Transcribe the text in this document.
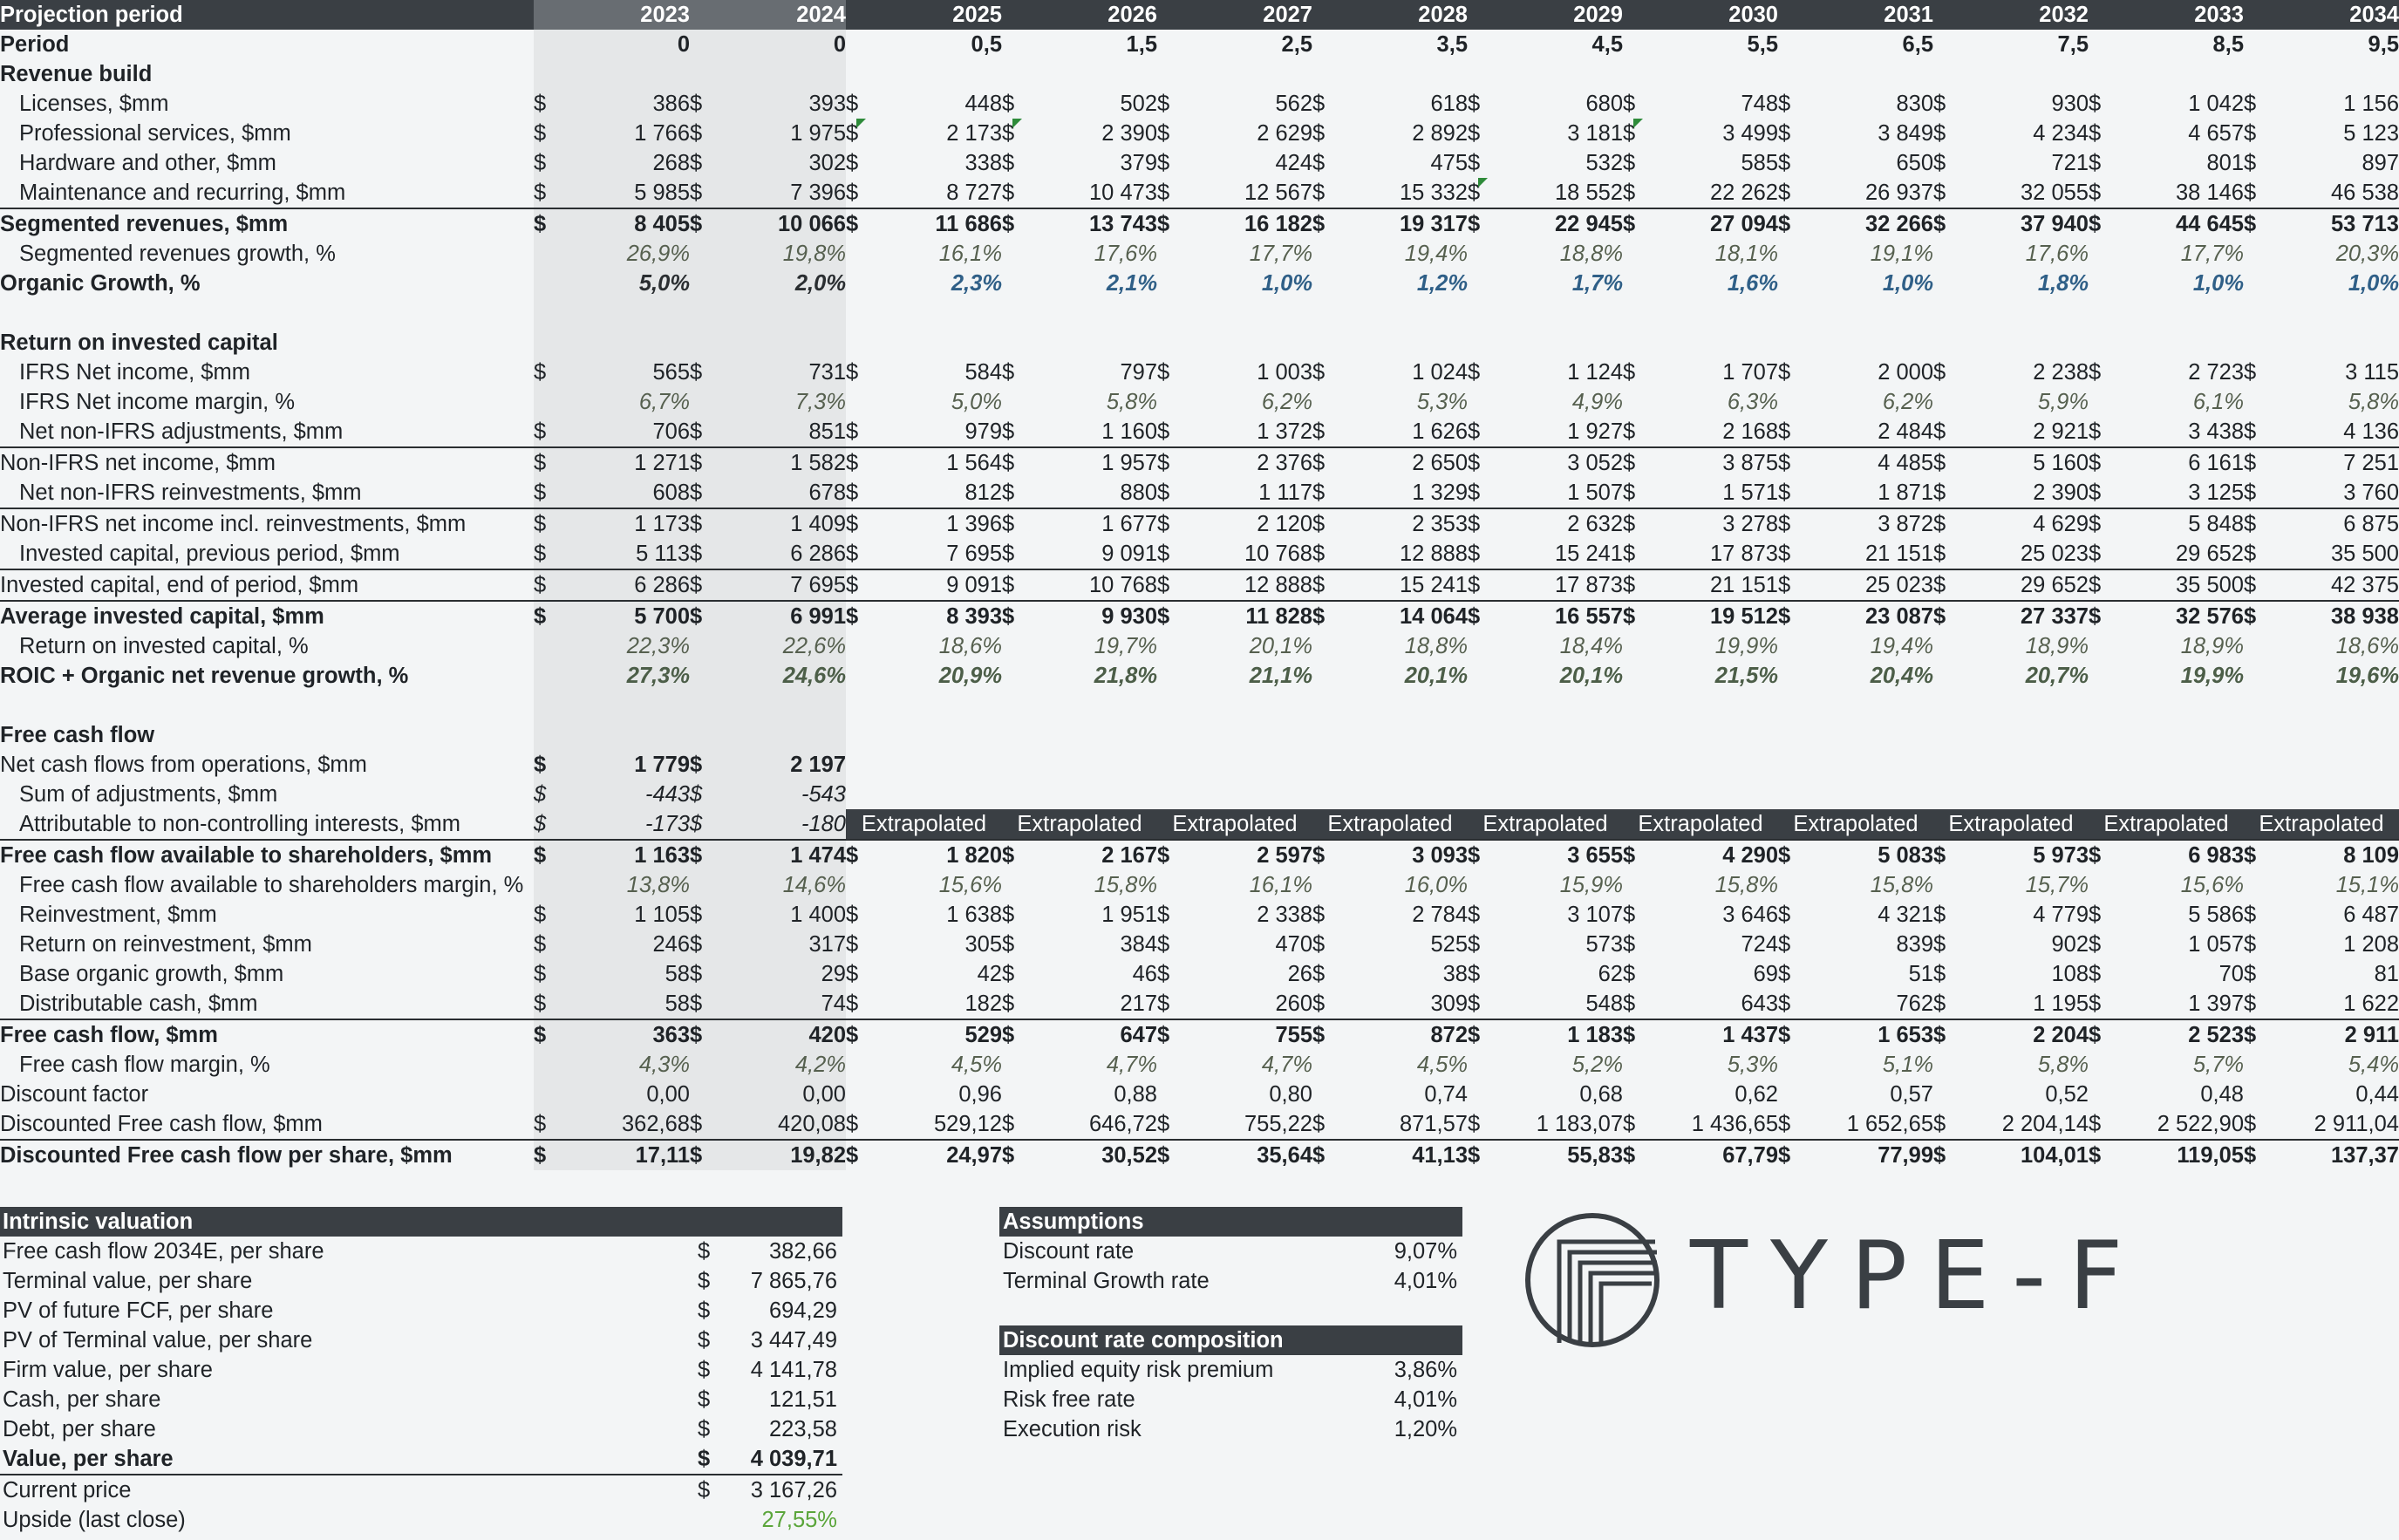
Projection period		2023		2024		2025		2026		2027		2028		2029		2030		2031		2032		2033		2034
Period		0		0		0,5		1,5		2,5		3,5		4,5		5,5		6,5		7,5		8,5		9,5
Revenue build																								
Licenses, $mm	$	386	$	393	$	448	$	502	$	562	$	618	$	680	$	748	$	830	$	930	$	1 042	$	1 156
Professional services, $mm	$	1 766	$	1 975	$	2 173	$	2 390	$	2 629	$	2 892	$	3 181	$	3 499	$	3 849	$	4 234	$	4 657	$	5 123
Hardware and other, $mm	$	268	$	302	$	338	$	379	$	424	$	475	$	532	$	585	$	650	$	721	$	801	$	897
Maintenance and recurring, $mm	$	5 985	$	7 396	$	8 727	$	10 473	$	12 567	$	15 332	$	18 552	$	22 262	$	26 937	$	32 055	$	38 146	$	46 538
Segmented revenues, $mm	$	8 405	$	10 066	$	11 686	$	13 743	$	16 182	$	19 317	$	22 945	$	27 094	$	32 266	$	37 940	$	44 645	$	53 713
Segmented revenues growth, %		26,9%		19,8%		16,1%		17,6%		17,7%		19,4%		18,8%		18,1%		19,1%		17,6%		17,7%		20,3%
Organic Growth, %		5,0%		2,0%		2,3%		2,1%		1,0%		1,2%		1,7%		1,6%		1,0%		1,8%		1,0%		1,0%

Return on invested capital																								
IFRS Net income, $mm	$	565	$	731	$	584	$	797	$	1 003	$	1 024	$	1 124	$	1 707	$	2 000	$	2 238	$	2 723	$	3 115
IFRS Net income margin, %		6,7%		7,3%		5,0%		5,8%		6,2%		5,3%		4,9%		6,3%		6,2%		5,9%		6,1%		5,8%
Net non-IFRS adjustments, $mm	$	706	$	851	$	979	$	1 160	$	1 372	$	1 626	$	1 927	$	2 168	$	2 484	$	2 921	$	3 438	$	4 136
Non-IFRS net income, $mm	$	1 271	$	1 582	$	1 564	$	1 957	$	2 376	$	2 650	$	3 052	$	3 875	$	4 485	$	5 160	$	6 161	$	7 251
Net non-IFRS reinvestments, $mm	$	608	$	678	$	812	$	880	$	1 117	$	1 329	$	1 507	$	1 571	$	1 871	$	2 390	$	3 125	$	3 760
Non-IFRS net income incl. reinvestments, $mm	$	1 173	$	1 409	$	1 396	$	1 677	$	2 120	$	2 353	$	2 632	$	3 278	$	3 872	$	4 629	$	5 848	$	6 875
Invested capital, previous period, $mm	$	5 113	$	6 286	$	7 695	$	9 091	$	10 768	$	12 888	$	15 241	$	17 873	$	21 151	$	25 023	$	29 652	$	35 500
Invested capital, end of period, $mm	$	6 286	$	7 695	$	9 091	$	10 768	$	12 888	$	15 241	$	17 873	$	21 151	$	25 023	$	29 652	$	35 500	$	42 375
Average invested capital, $mm	$	5 700	$	6 991	$	8 393	$	9 930	$	11 828	$	14 064	$	16 557	$	19 512	$	23 087	$	27 337	$	32 576	$	38 938
Return on invested capital, %		22,3%		22,6%		18,6%		19,7%		20,1%		18,8%		18,4%		19,9%		19,4%		18,9%		18,9%		18,6%
ROIC + Organic net revenue growth, %		27,3%		24,6%		20,9%		21,8%		21,1%		20,1%		20,1%		21,5%		20,4%		20,7%		19,9%		19,6%

Free cash flow																								
Net cash flows from operations, $mm	$	1 779	$	2 197																				
Sum of adjustments, $mm	$	-443	$	-543																				
Attributable to non-controlling interests, $mm	$	-173	$	-180	Extrapolated		Extrapolated		Extrapolated		Extrapolated		Extrapolated		Extrapolated		Extrapolated		Extrapolated		Extrapolated		Extrapolated	
Free cash flow available to shareholders, $mm	$	1 163	$	1 474	$	1 820	$	2 167	$	2 597	$	3 093	$	3 655	$	4 290	$	5 083	$	5 973	$	6 983	$	8 109
Free cash flow available to shareholders margin, %		13,8%		14,6%		15,6%		15,8%		16,1%		16,0%		15,9%		15,8%		15,8%		15,7%		15,6%		15,1%
Reinvestment, $mm	$	1 105	$	1 400	$	1 638	$	1 951	$	2 338	$	2 784	$	3 107	$	3 646	$	4 321	$	4 779	$	5 586	$	6 487
Return on reinvestment, $mm	$	246	$	317	$	305	$	384	$	470	$	525	$	573	$	724	$	839	$	902	$	1 057	$	1 208
Base organic growth, $mm	$	58	$	29	$	42	$	46	$	26	$	38	$	62	$	69	$	51	$	108	$	70	$	81
Distributable cash, $mm	$	58	$	74	$	182	$	217	$	260	$	309	$	548	$	643	$	762	$	1 195	$	1 397	$	1 622
Free cash flow, $mm	$	363	$	420	$	529	$	647	$	755	$	872	$	1 183	$	1 437	$	1 653	$	2 204	$	2 523	$	2 911
Free cash flow margin, %		4,3%		4,2%		4,5%		4,7%		4,7%		4,5%		5,2%		5,3%		5,1%		5,8%		5,7%		5,4%
Discount factor		0,00		0,00		0,96		0,88		0,80		0,74		0,68		0,62		0,57		0,52		0,48		0,44
Discounted Free cash flow, $mm	$	362,68	$	420,08	$	529,12	$	646,72	$	755,22	$	871,57	$	1 183,07	$	1 436,65	$	1 652,65	$	2 204,14	$	2 522,90	$	2 911,04
Discounted Free cash flow per share, $mm	$	17,11	$	19,82	$	24,97	$	30,52	$	35,64	$	41,13	$	55,83	$	67,79	$	77,99	$	104,01	$	119,05	$	137,37
Intrinsic valuation		
Free cash flow 2034E, per share	$	382,66
Terminal value, per share	$	7 865,76
PV of future FCF, per share	$	694,29
PV of Terminal value, per share	$	3 447,49
Firm value, per share	$	4 141,78
Cash, per share	$	121,51
Debt, per share	$	223,58
Value, per share	$	4 039,71
Current price	$	3 167,26
Upside (last close)		27,55%
Assumptions	
Discount rate	9,07%
Terminal Growth rate	4,01%
Discount rate composition	
Implied equity risk premium	3,86%
Risk free rate	4,01%
Execution risk	1,20%
TYPE-F
